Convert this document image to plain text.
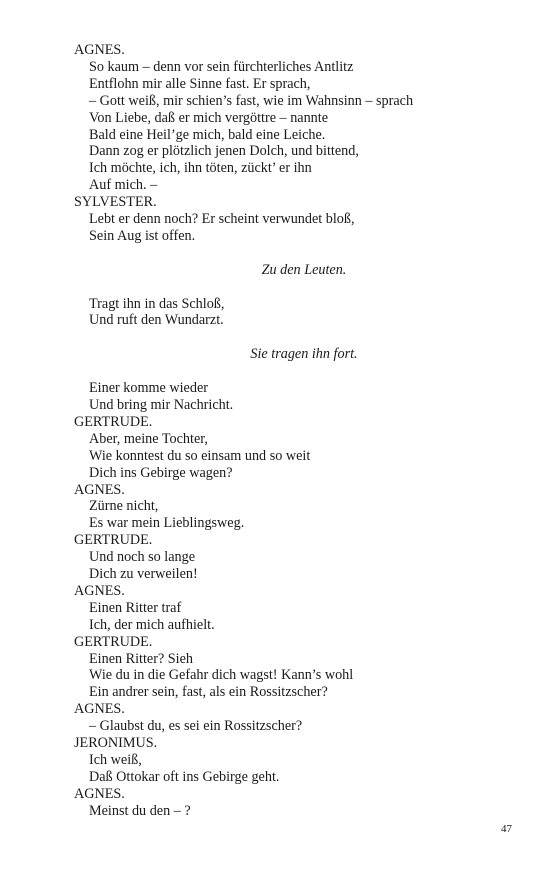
AGNES.
So kaum – denn vor sein fürchterliches Antlitz
Entflohn mir alle Sinne fast. Er sprach,
– Gott weiß, mir schien’s fast, wie im Wahnsinn – sprach
Von Liebe, daß er mich vergöttre – nannte
Bald eine Heil’ge mich, bald eine Leiche.
Dann zog er plötzlich jenen Dolch, und bittend,
Ich möchte, ich, ihn töten, zückt’ er ihn
Auf mich. –
SYLVESTER.
Lebt er denn noch? Er scheint verwundet bloß,
Sein Aug ist offen.
Zu den Leuten.
Tragt ihn in das Schloß,
Und ruft den Wundarzt.
Sie tragen ihn fort.
Einer komme wieder
Und bring mir Nachricht.
GERTRUDE.
Aber, meine Tochter,
Wie konntest du so einsam und so weit
Dich ins Gebirge wagen?
AGNES.
Zürne nicht,
Es war mein Lieblingsweg.
GERTRUDE.
Und noch so lange
Dich zu verweilen!
AGNES.
Einen Ritter traf
Ich, der mich aufhielt.
GERTRUDE.
Einen Ritter? Sieh
Wie du in die Gefahr dich wagst! Kann’s wohl
Ein andrer sein, fast, als ein Rossitzscher?
AGNES.
– Glaubst du, es sei ein Rossitzscher?
JERONIMUS.
Ich weiß,
Daß Ottokar oft ins Gebirge geht.
AGNES.
Meinst du den – ?
47
